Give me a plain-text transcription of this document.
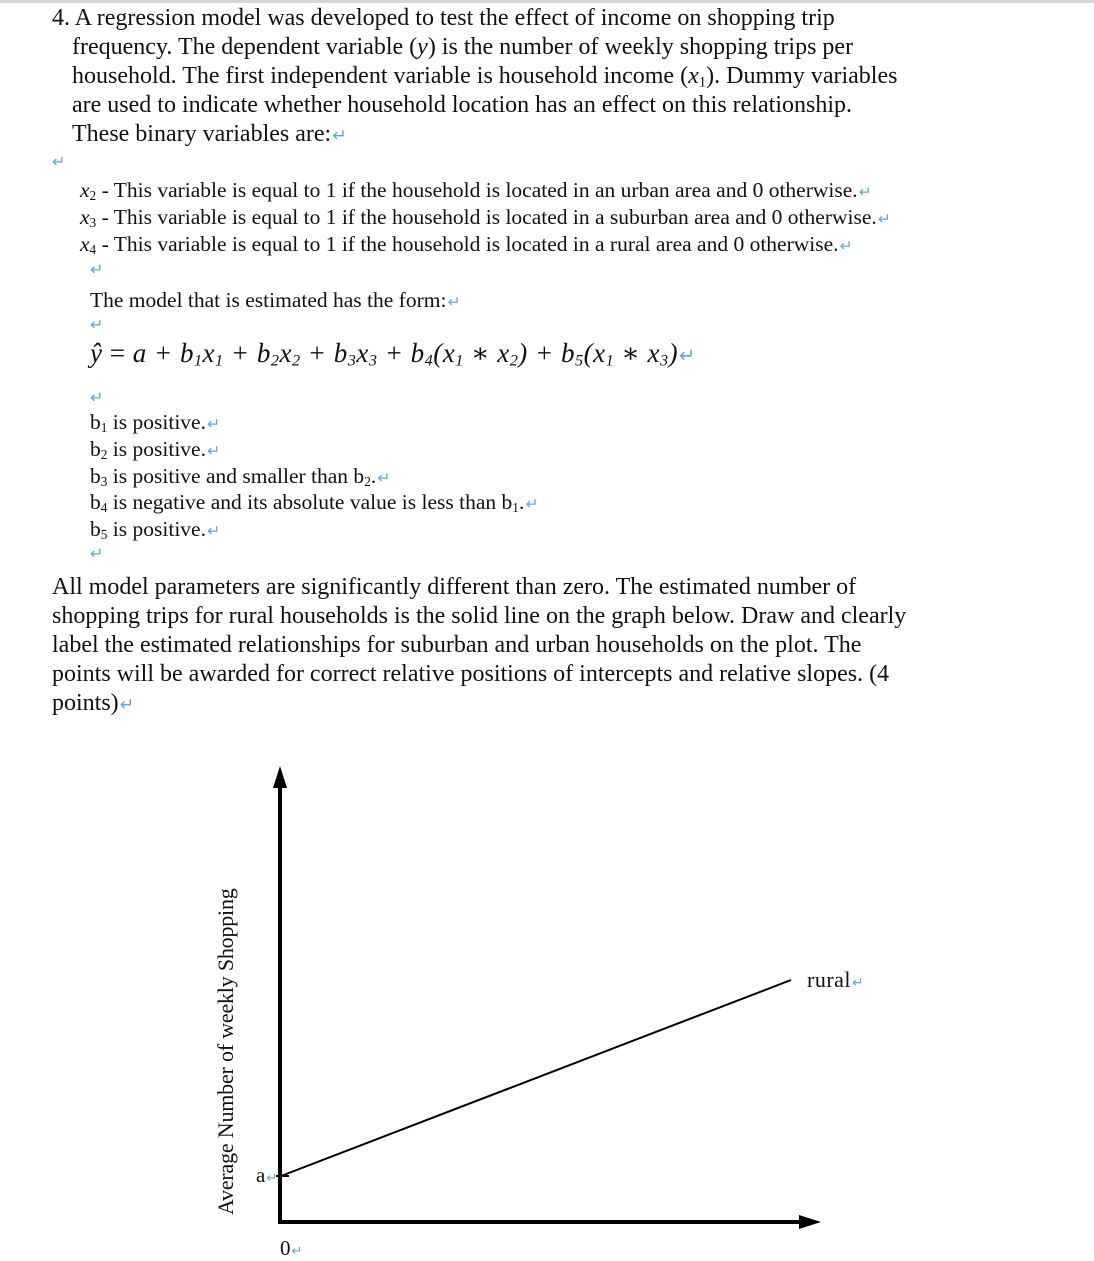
4. A regression model was developed to test the effect of income on shopping trip
frequency. The dependent variable (y) is the number of weekly shopping trips per
household. The first independent variable is household income $(x_1)$. Dummy variables
are used to indicate whether household location has an effect on this relationship.
These binary variables are:↵
↵
$x_2$ - This variable is equal to 1 if the household is located in an urban area and 0 otherwise.↵
$x_3$ - This variable is equal to 1 if the household is located in a suburban area and 0 otherwise.↵
$x_4$ - This variable is equal to 1 if the household is located in a rural area and 0 otherwise.↵
↵
The model that is estimated has the form:↵
↵
ŷ = $a + b_1x_1 + b_2x_2 + b_3x_3 + b_4(x_1$ ∗ $x_2) + b_5(x_1$ ∗ $x_3)↵$
↵
$b_1$ is positive.↵
$b_2$ is positive.↵
$b_3$ is positive and smaller than $b_2.↵$
$b_4$ is negative and its absolute value is less than $b_1.↵$
$b_5$ is positive.↵
↵
All model parameters are significantly different than zero. The estimated number of
shopping trips for rural households is the solid line on the graph below. Draw and clearly
label the estimated relationships for suburban and urban households on the plot. The
points will be awarded for correct relative positions of intercepts and relative slopes. (4
points)↵
Average Number of weekly Shopping a↵
0↵
rural↵
